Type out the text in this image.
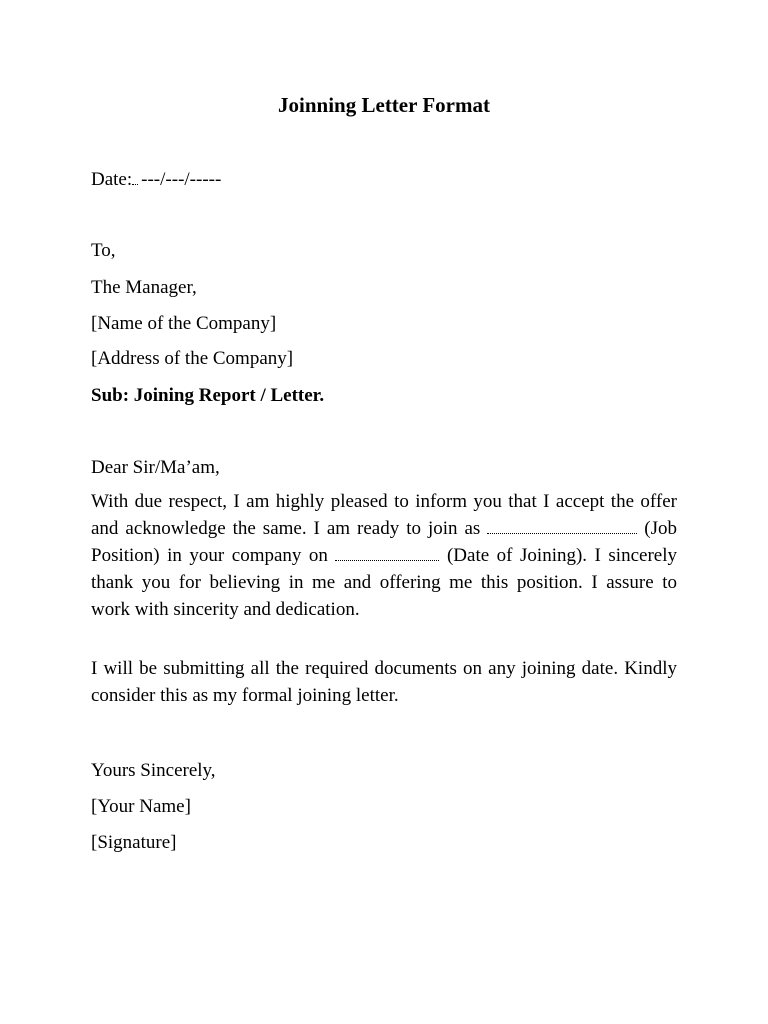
Joinning Letter Format
Date: ---/---/-----
To,
The Manager,
[Name of the Company]
[Address of the Company]
Sub: Joining Report / Letter.
Dear Sir/Ma’am,
With due respect, I am highly pleased to inform you that I accept the offer
and acknowledge the same. I am ready to join as	(Job
Position) in your company on	(Date of Joining). I sincerely
thank you for believing in me and offering me this position. I assure to
work with sincerity and dedication.
I will be submitting all the required documents on any joining date. Kindly
consider this as my formal joining letter.
Yours Sincerely,
[Your Name]
[Signature]
